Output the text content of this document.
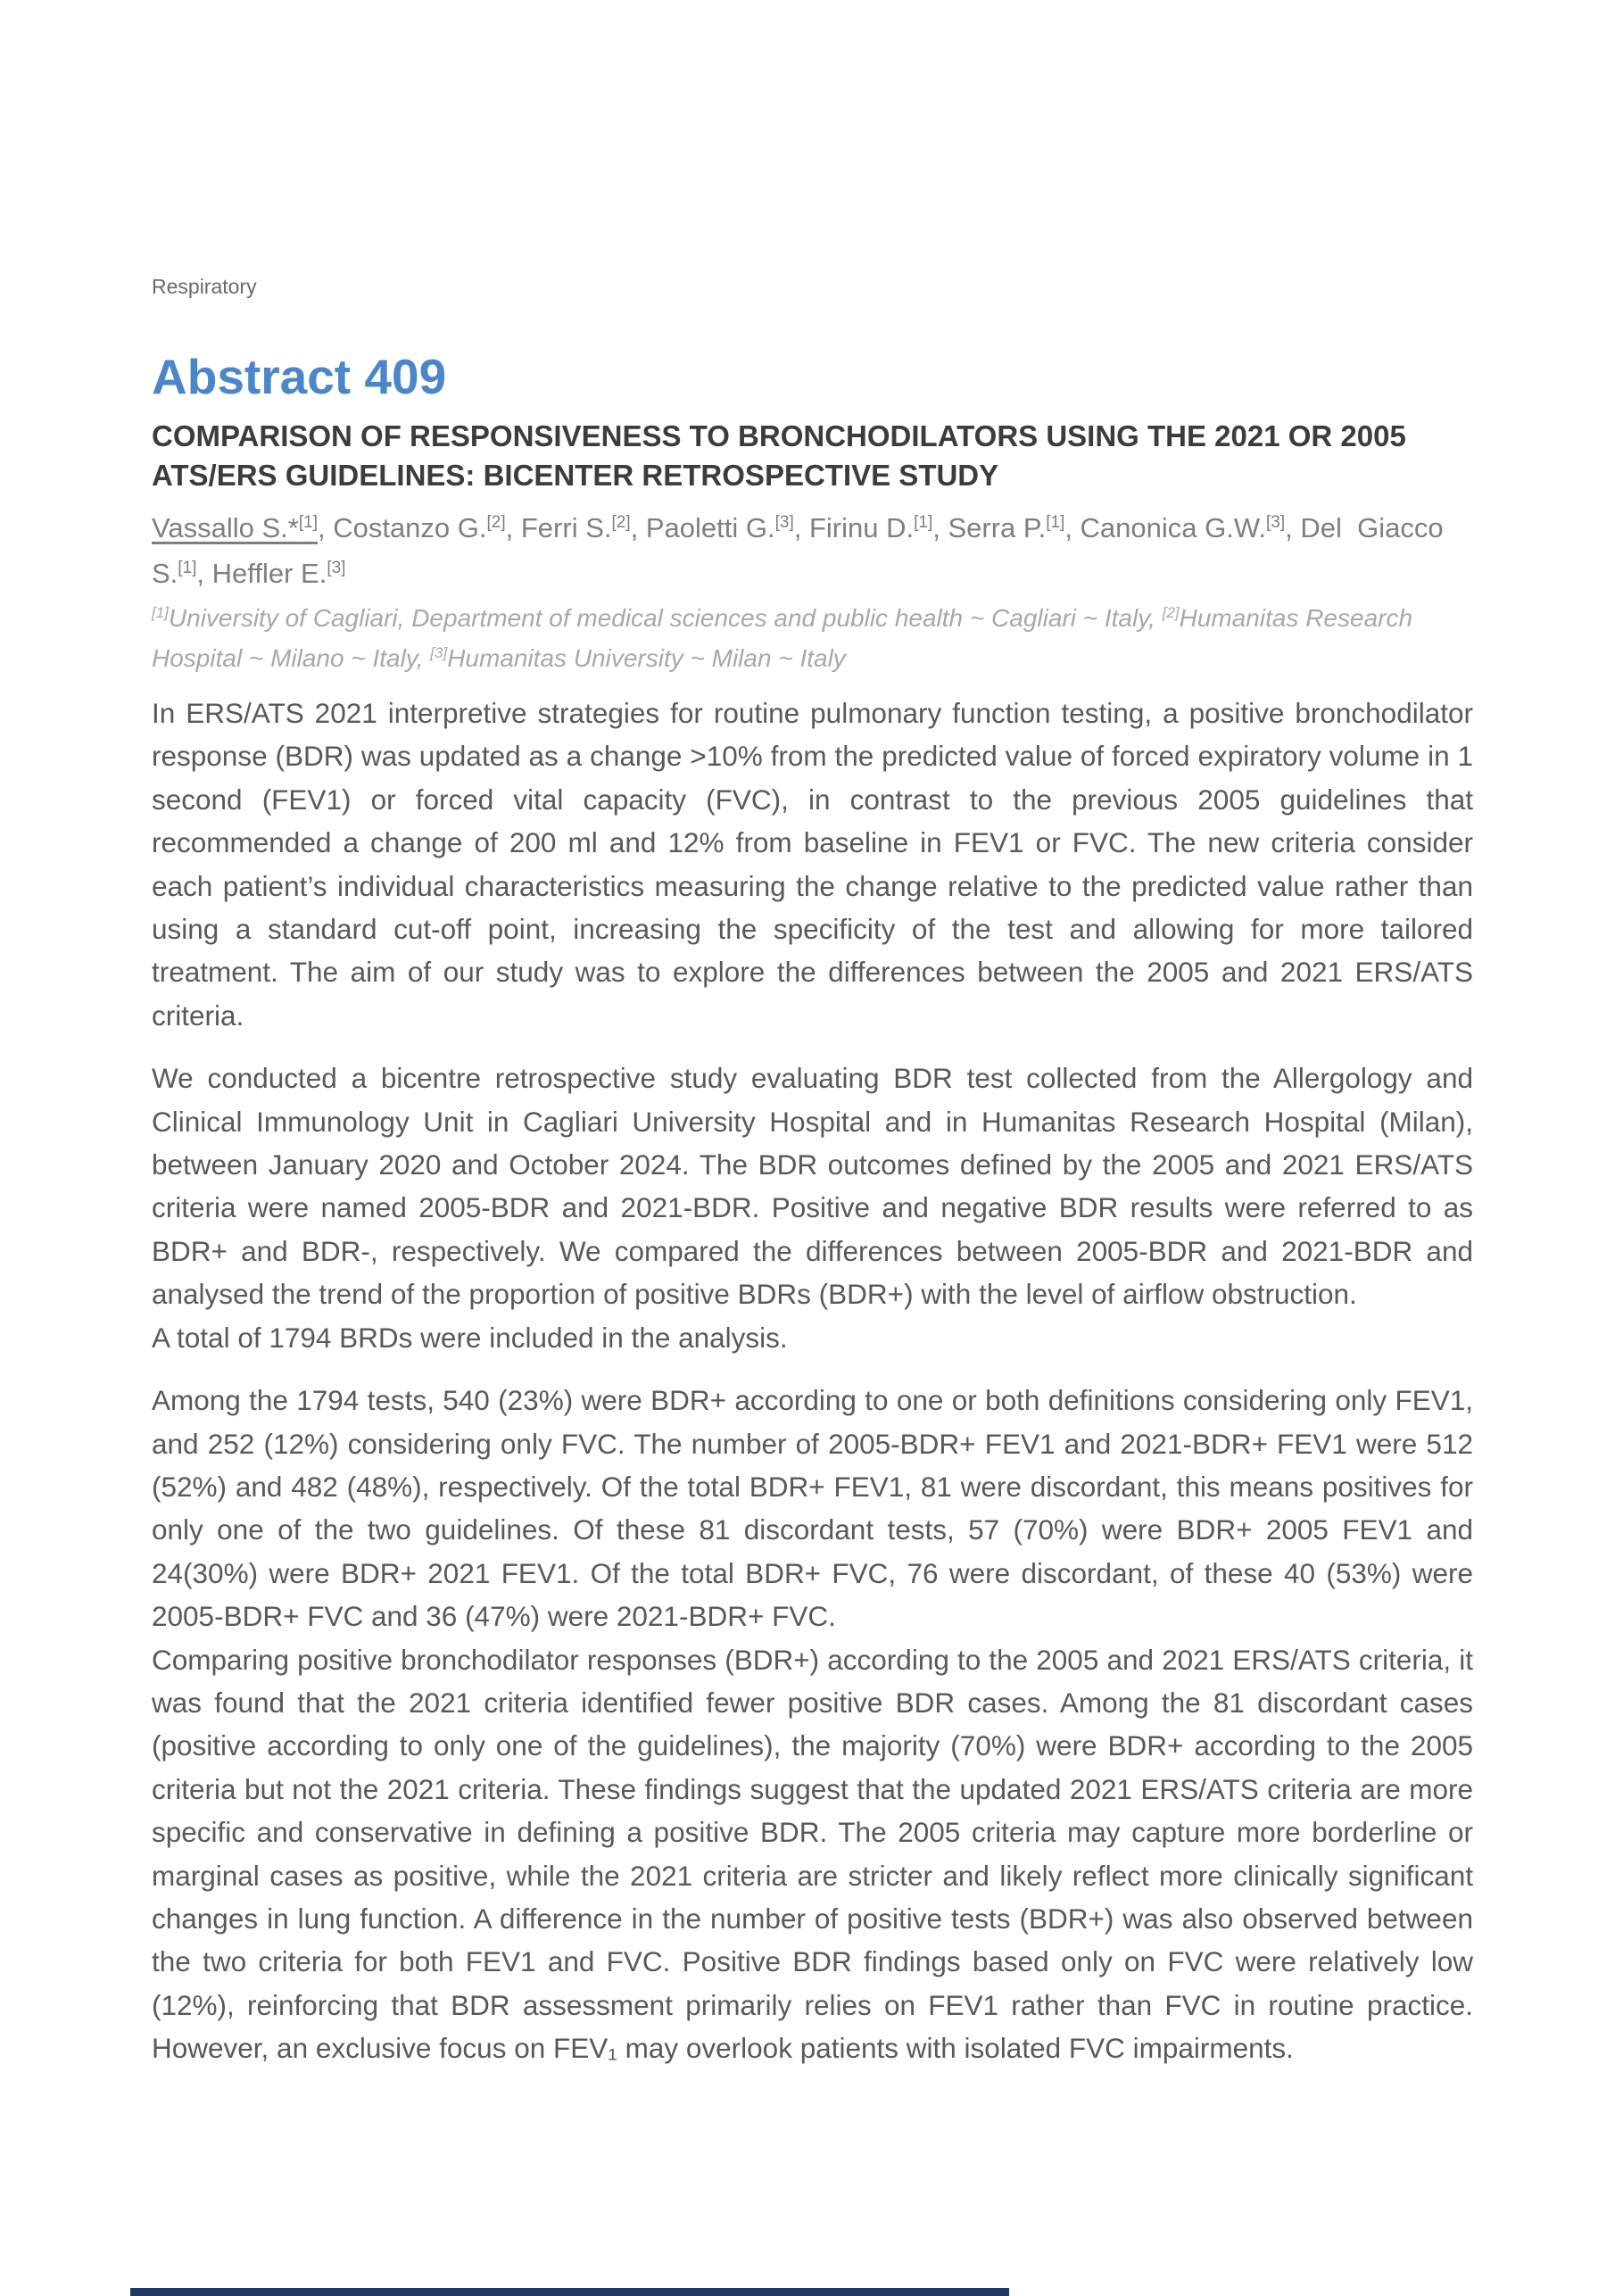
Respiratory
Abstract 409
COMPARISON OF RESPONSIVENESS TO BRONCHODILATORS USING THE 2021 OR 2005 ATS/ERS GUIDELINES: BICENTER RETROSPECTIVE STUDY

Vassallo S.*[1], Costanzo G.[2], Ferri S.[2], Paoletti G.[3], Firinu D.[1], Serra P.[1], Canonica G.W.[3], Del  Giacco S.[1], Heffler E.[3]

[1]University of Cagliari, Department of medical sciences and public health ~ Cagliari ~ Italy, [2]Humanitas Research Hospital ~ Milano ~ Italy, [3]Humanitas University ~ Milan ~ Italy

In ERS/ATS 2021 interpretive strategies for routine pulmonary function testing, a positive bronchodilator response (BDR) was updated as a change >10% from the predicted value of forced expiratory volume in 1 second (FEV1) or forced vital capacity (FVC), in contrast to the previous 2005 guidelines that recommended a change of 200 ml and 12% from baseline in FEV1 or FVC. The new criteria consider each patient’s individual characteristics measuring the change relative to the predicted value rather than using a standard cut-off point, increasing the specificity of the test and allowing for more tailored treatment. The aim of our study was to explore the differences between the 2005 and 2021 ERS/ATS criteria.
We conducted a bicentre retrospective study evaluating BDR test collected from the Allergology and Clinical Immunology Unit in Cagliari University Hospital and in Humanitas Research Hospital (Milan), between January 2020 and October 2024. The BDR outcomes defined by the 2005 and 2021 ERS/ATS criteria were named 2005-BDR and 2021-BDR. Positive and negative BDR results were referred to as BDR+ and BDR-, respectively. We compared the differences between 2005-BDR and 2021-BDR and analysed the trend of the proportion of positive BDRs (BDR+) with the level of airflow obstruction.
A total of 1794 BRDs were included in the analysis.
Among the 1794 tests, 540 (23%) were BDR+ according to one or both definitions considering only FEV1, and 252 (12%) considering only FVC. The number of 2005-BDR+ FEV1 and 2021-BDR+ FEV1 were 512 (52%) and 482 (48%), respectively. Of the total BDR+ FEV1, 81 were discordant, this means positives for only one of the two guidelines. Of these 81 discordant tests, 57 (70%) were BDR+ 2005 FEV1 and 24(30%) were BDR+ 2021 FEV1. Of the total BDR+ FVC, 76 were discordant, of these 40 (53%) were 2005-BDR+ FVC and 36 (47%) were 2021-BDR+ FVC.
Comparing positive bronchodilator responses (BDR+) according to the 2005 and 2021 ERS/ATS criteria, it was found that the 2021 criteria identified fewer positive BDR cases. Among the 81 discordant cases (positive according to only one of the guidelines), the majority (70%) were BDR+ according to the 2005 criteria but not the 2021 criteria. These findings suggest that the updated 2021 ERS/ATS criteria are more specific and conservative in defining a positive BDR. The 2005 criteria may capture more borderline or marginal cases as positive, while the 2021 criteria are stricter and likely reflect more clinically significant changes in lung function. A difference in the number of positive tests (BDR+) was also observed between the two criteria for both FEV1 and FVC. Positive BDR findings based only on FVC were relatively low (12%), reinforcing that BDR assessment primarily relies on FEV1 rather than FVC in routine practice. However, an exclusive focus on FEV₁ may overlook patients with isolated FVC impairments.
